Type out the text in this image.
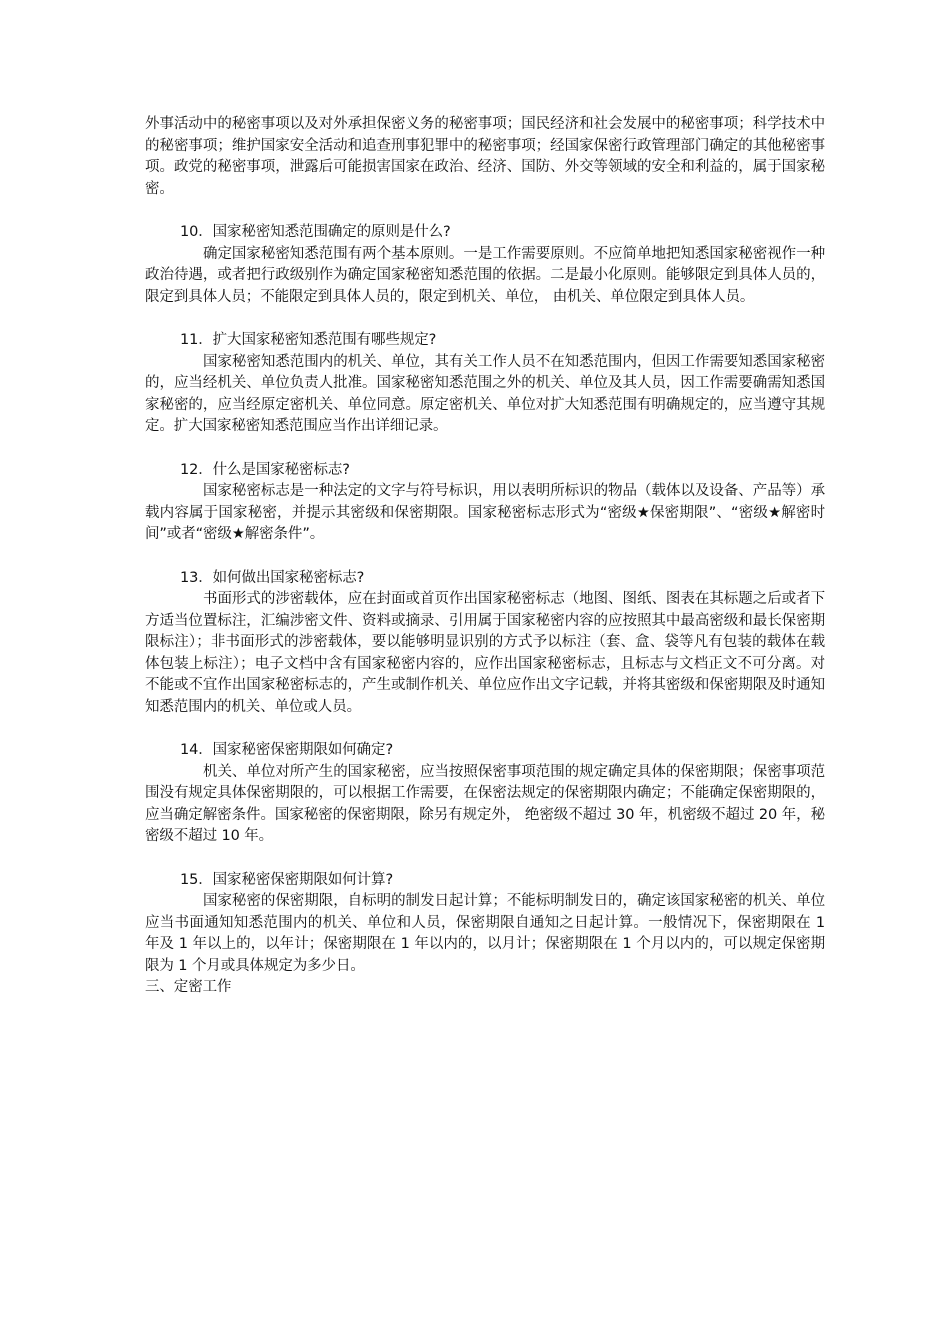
外事活动中的秘密事项以及对外承担保密义务的秘密事项；国民经济和社会发展中的秘密事项；科学技术中的秘密事项；维护国家安全活动和追查刑事犯罪中的秘密事项；经国家保密行政管理部门确定的其他秘密事项。政党的秘密事项，泄露后可能损害国家在政治、经济、国防、外交等领域的安全和利益的，属于国家秘密。

10．国家秘密知悉范围确定的原则是什么?

确定国家秘密知悉范围有两个基本原则。一是工作需要原则。不应简单地把知悉国家秘密视作一种政治待遇，或者把行政级别作为确定国家秘密知悉范围的依据。二是最小化原则。能够限定到具体人员的，限定到具体人员；不能限定到具体人员的，限定到机关、单位， 由机关、单位限定到具体人员。

11．扩大国家秘密知悉范围有哪些规定?

国家秘密知悉范围内的机关、单位，其有关工作人员不在知悉范围内，但因工作需要知悉国家秘密的，应当经机关、单位负责人批准。国家秘密知悉范围之外的机关、单位及其人员，因工作需要确需知悉国家秘密的，应当经原定密机关、单位同意。原定密机关、单位对扩大知悉范围有明确规定的，应当遵守其规定。扩大国家秘密知悉范围应当作出详细记录。

12．什么是国家秘密标志?

国家秘密标志是一种法定的文字与符号标识，用以表明所标识的物品（载体以及设备、产品等）承载内容属于国家秘密，并提示其密级和保密期限。国家秘密标志形式为“密级★保密期限”、“密级★解密时间”或者“密级★解密条件”。

13．如何做出国家秘密标志?

书面形式的涉密载体，应在封面或首页作出国家秘密标志（地图、图纸、图表在其标题之后或者下方适当位置标注，汇编涉密文件、资料或摘录、引用属于国家秘密内容的应按照其中最高密级和最长保密期限标注）；非书面形式的涉密载体，要以能够明显识别的方式予以标注（套、盒、袋等凡有包装的载体在载体包装上标注）；电子文档中含有国家秘密内容的，应作出国家秘密标志，且标志与文档正文不可分离。对不能或不宜作出国家秘密标志的，产生或制作机关、单位应作出文字记载，并将其密级和保密期限及时通知知悉范围内的机关、单位或人员。

14．国家秘密保密期限如何确定?

机关、单位对所产生的国家秘密，应当按照保密事项范围的规定确定具体的保密期限；保密事项范围没有规定具体保密期限的，可以根据工作需要，在保密法规定的保密期限内确定；不能确定保密期限的，应当确定解密条件。国家秘密的保密期限，除另有规定外， 绝密级不超过 30 年，机密级不超过 20 年，秘密级不超过 10 年。

15．国家秘密保密期限如何计算?

国家秘密的保密期限，自标明的制发日起计算；不能标明制发日的，确定该国家秘密的机关、单位应当书面通知知悉范围内的机关、单位和人员，保密期限自通知之日起计算。一般情况下，保密期限在 1 年及 1 年以上的，以年计；保密期限在 1 年以内的，以月计；保密期限在 1 个月以内的，可以规定保密期限为 1 个月或具体规定为多少日。

三、定密工作
